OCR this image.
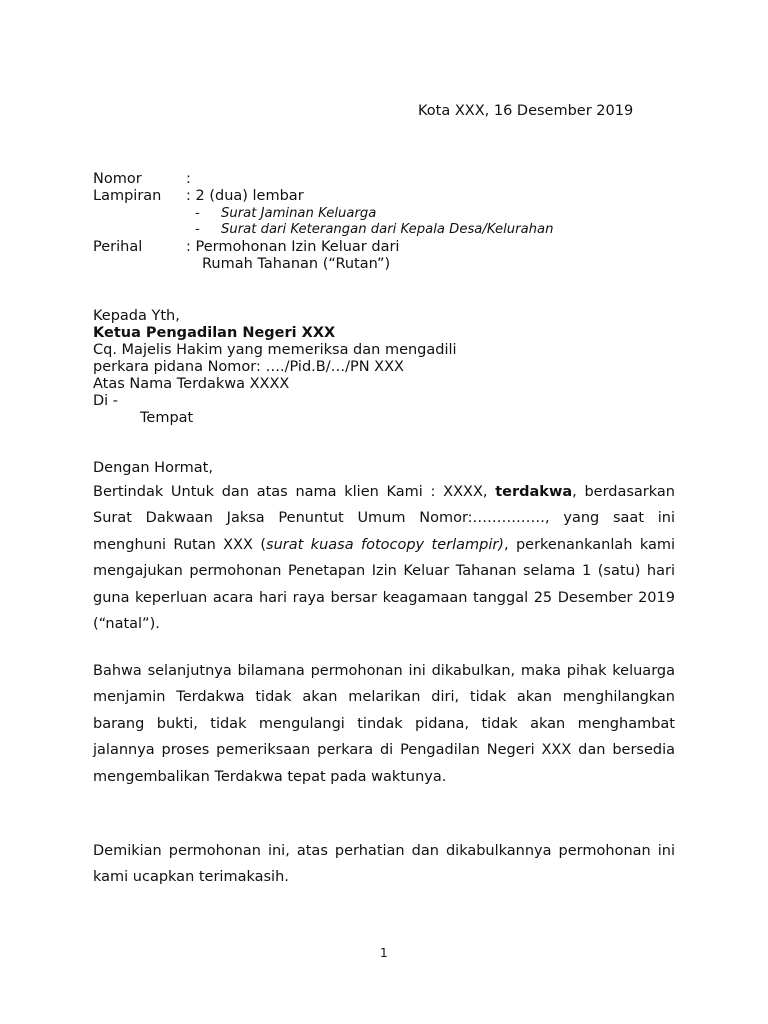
Kota XXX, 16 Desember 2019
Nomor	:
Lampiran : 2 (dua) lembar
- Surat Jaminan Keluarga
- Surat dari Keterangan dari Kepala Desa/Kelurahan
Perihal	: Permohonan Izin Keluar dari
Rumah Tahanan (“Rutan”)
Kepada Yth,
Ketua Pengadilan Negeri XXX
Cq. Majelis Hakim yang memeriksa dan mengadili
perkara pidana Nomor: …./Pid.B/…/PN XXX
Atas Nama Terdakwa XXXX
Di -
Tempat
Dengan Hormat,
Bertindak Untuk dan atas nama klien Kami : XXXX, terdakwa, berdasarkan Surat Dakwaan Jaksa Penuntut Umum Nomor:……………, yang saat ini menghuni Rutan XXX (surat kuasa fotocopy terlampir), perkenankanlah kami mengajukan permohonan Penetapan Izin Keluar Tahanan selama 1 (satu) hari guna keperluan acara hari raya bersar keagamaan tanggal 25 Desember 2019 (“natal”).
Bahwa selanjutnya bilamana permohonan ini dikabulkan, maka pihak keluarga menjamin Terdakwa tidak akan melarikan diri, tidak akan menghilangkan barang bukti, tidak mengulangi tindak pidana, tidak akan menghambat jalannya proses pemeriksaan perkara di Pengadilan Negeri XXX dan bersedia mengembalikan Terdakwa tepat pada waktunya.
Demikian permohonan ini, atas perhatian dan dikabulkannya permohonan ini kami ucapkan terimakasih.
1
